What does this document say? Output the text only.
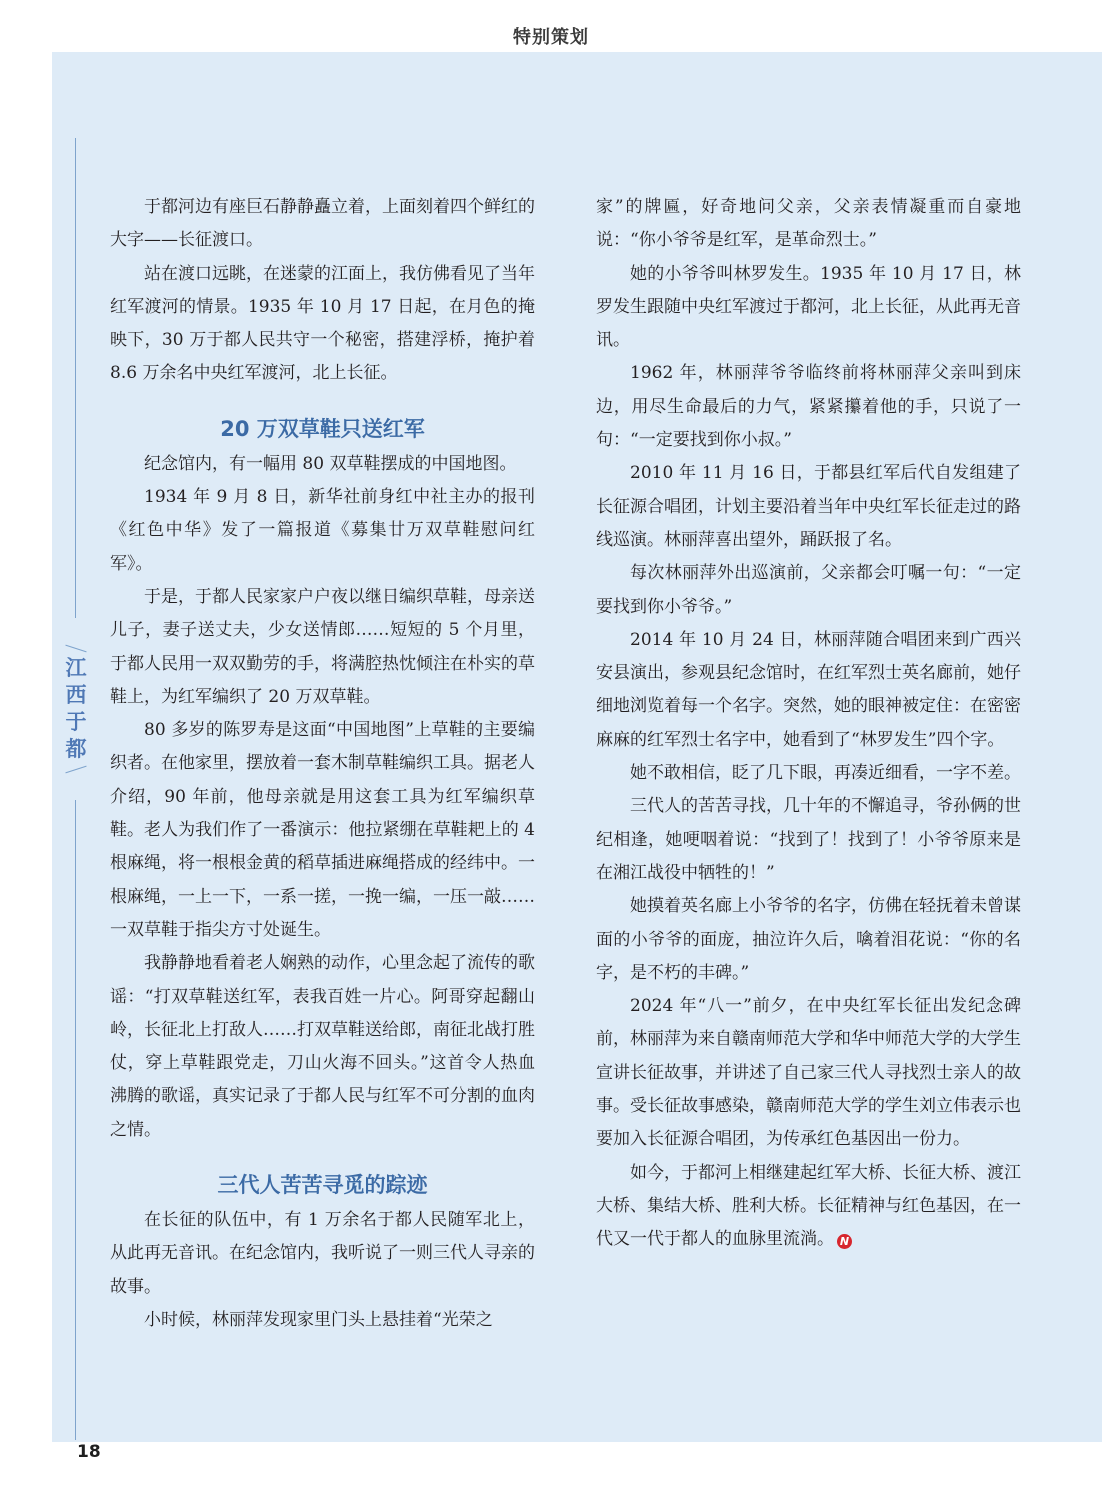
特别策划
江
西
于
都

于都河边有座巨石静静矗立着，上面刻着四个鲜红的大字——长征渡口。

站在渡口远眺，在迷蒙的江面上，我仿佛看见了当年红军渡河的情景。1935 年 10 月 17 日起，在月色的掩映下，30 万于都人民共守一个秘密，搭建浮桥，掩护着 8.6 万余名中央红军渡河，北上长征。

20 万双草鞋只送红军

纪念馆内，有一幅用 80 双草鞋摆成的中国地图。

1934 年 9 月 8 日，新华社前身红中社主办的报刊《红色中华》发了一篇报道《募集廿万双草鞋慰问红军》。

于是，于都人民家家户户夜以继日编织草鞋，母亲送儿子，妻子送丈夫，少女送情郎……短短的 5 个月里，于都人民用一双双勤劳的手，将满腔热忱倾注在朴实的草鞋上，为红军编织了 20 万双草鞋。

80 多岁的陈罗寿是这面“中国地图”上草鞋的主要编织者。在他家里，摆放着一套木制草鞋编织工具。据老人介绍，90 年前，他母亲就是用这套工具为红军编织草鞋。老人为我们作了一番演示：他拉紧绷在草鞋耙上的 4 根麻绳，将一根根金黄的稻草插进麻绳搭成的经纬中。一根麻绳，一上一下，一系一搓，一挽一编，一压一敲……一双草鞋于指尖方寸处诞生。

我静静地看着老人娴熟的动作，心里念起了流传的歌谣：“打双草鞋送红军，表我百姓一片心。阿哥穿起翻山岭，长征北上打敌人……打双草鞋送给郎，南征北战打胜仗，穿上草鞋跟党走，刀山火海不回头。”这首令人热血沸腾的歌谣，真实记录了于都人民与红军不可分割的血肉之情。

三代人苦苦寻觅的踪迹

在长征的队伍中，有 1 万余名于都人民随军北上，从此再无音讯。在纪念馆内，我听说了一则三代人寻亲的故事。

小时候，林丽萍发现家里门头上悬挂着“光荣之

家”的牌匾，好奇地问父亲，父亲表情凝重而自豪地说：“你小爷爷是红军，是革命烈士。”

她的小爷爷叫林罗发生。1935 年 10 月 17 日，林罗发生跟随中央红军渡过于都河，北上长征，从此再无音讯。

1962 年，林丽萍爷爷临终前将林丽萍父亲叫到床边，用尽生命最后的力气，紧紧攥着他的手，只说了一句：“一定要找到你小叔。”

2010 年 11 月 16 日，于都县红军后代自发组建了长征源合唱团，计划主要沿着当年中央红军长征走过的路线巡演。林丽萍喜出望外，踊跃报了名。

每次林丽萍外出巡演前，父亲都会叮嘱一句：“一定要找到你小爷爷。”

2014 年 10 月 24 日，林丽萍随合唱团来到广西兴安县演出，参观县纪念馆时，在红军烈士英名廊前，她仔细地浏览着每一个名字。突然，她的眼神被定住：在密密麻麻的红军烈士名字中，她看到了“林罗发生”四个字。

她不敢相信，眨了几下眼，再凑近细看，一字不差。

三代人的苦苦寻找，几十年的不懈追寻，爷孙俩的世纪相逢，她哽咽着说：“找到了！找到了！小爷爷原来是在湘江战役中牺牲的！”

她摸着英名廊上小爷爷的名字，仿佛在轻抚着未曾谋面的小爷爷的面庞，抽泣许久后，噙着泪花说：“你的名字，是不朽的丰碑。”

2024 年“八一”前夕，在中央红军长征出发纪念碑前，林丽萍为来自赣南师范大学和华中师范大学的大学生宣讲长征故事，并讲述了自己家三代人寻找烈士亲人的故事。受长征故事感染，赣南师范大学的学生刘立伟表示也要加入长征源合唱团，为传承红色基因出一份力。

如今，于都河上相继建起红军大桥、长征大桥、渡江大桥、集结大桥、胜利大桥。长征精神与红色基因，在一代又一代于都人的血脉里流淌。 N

18
